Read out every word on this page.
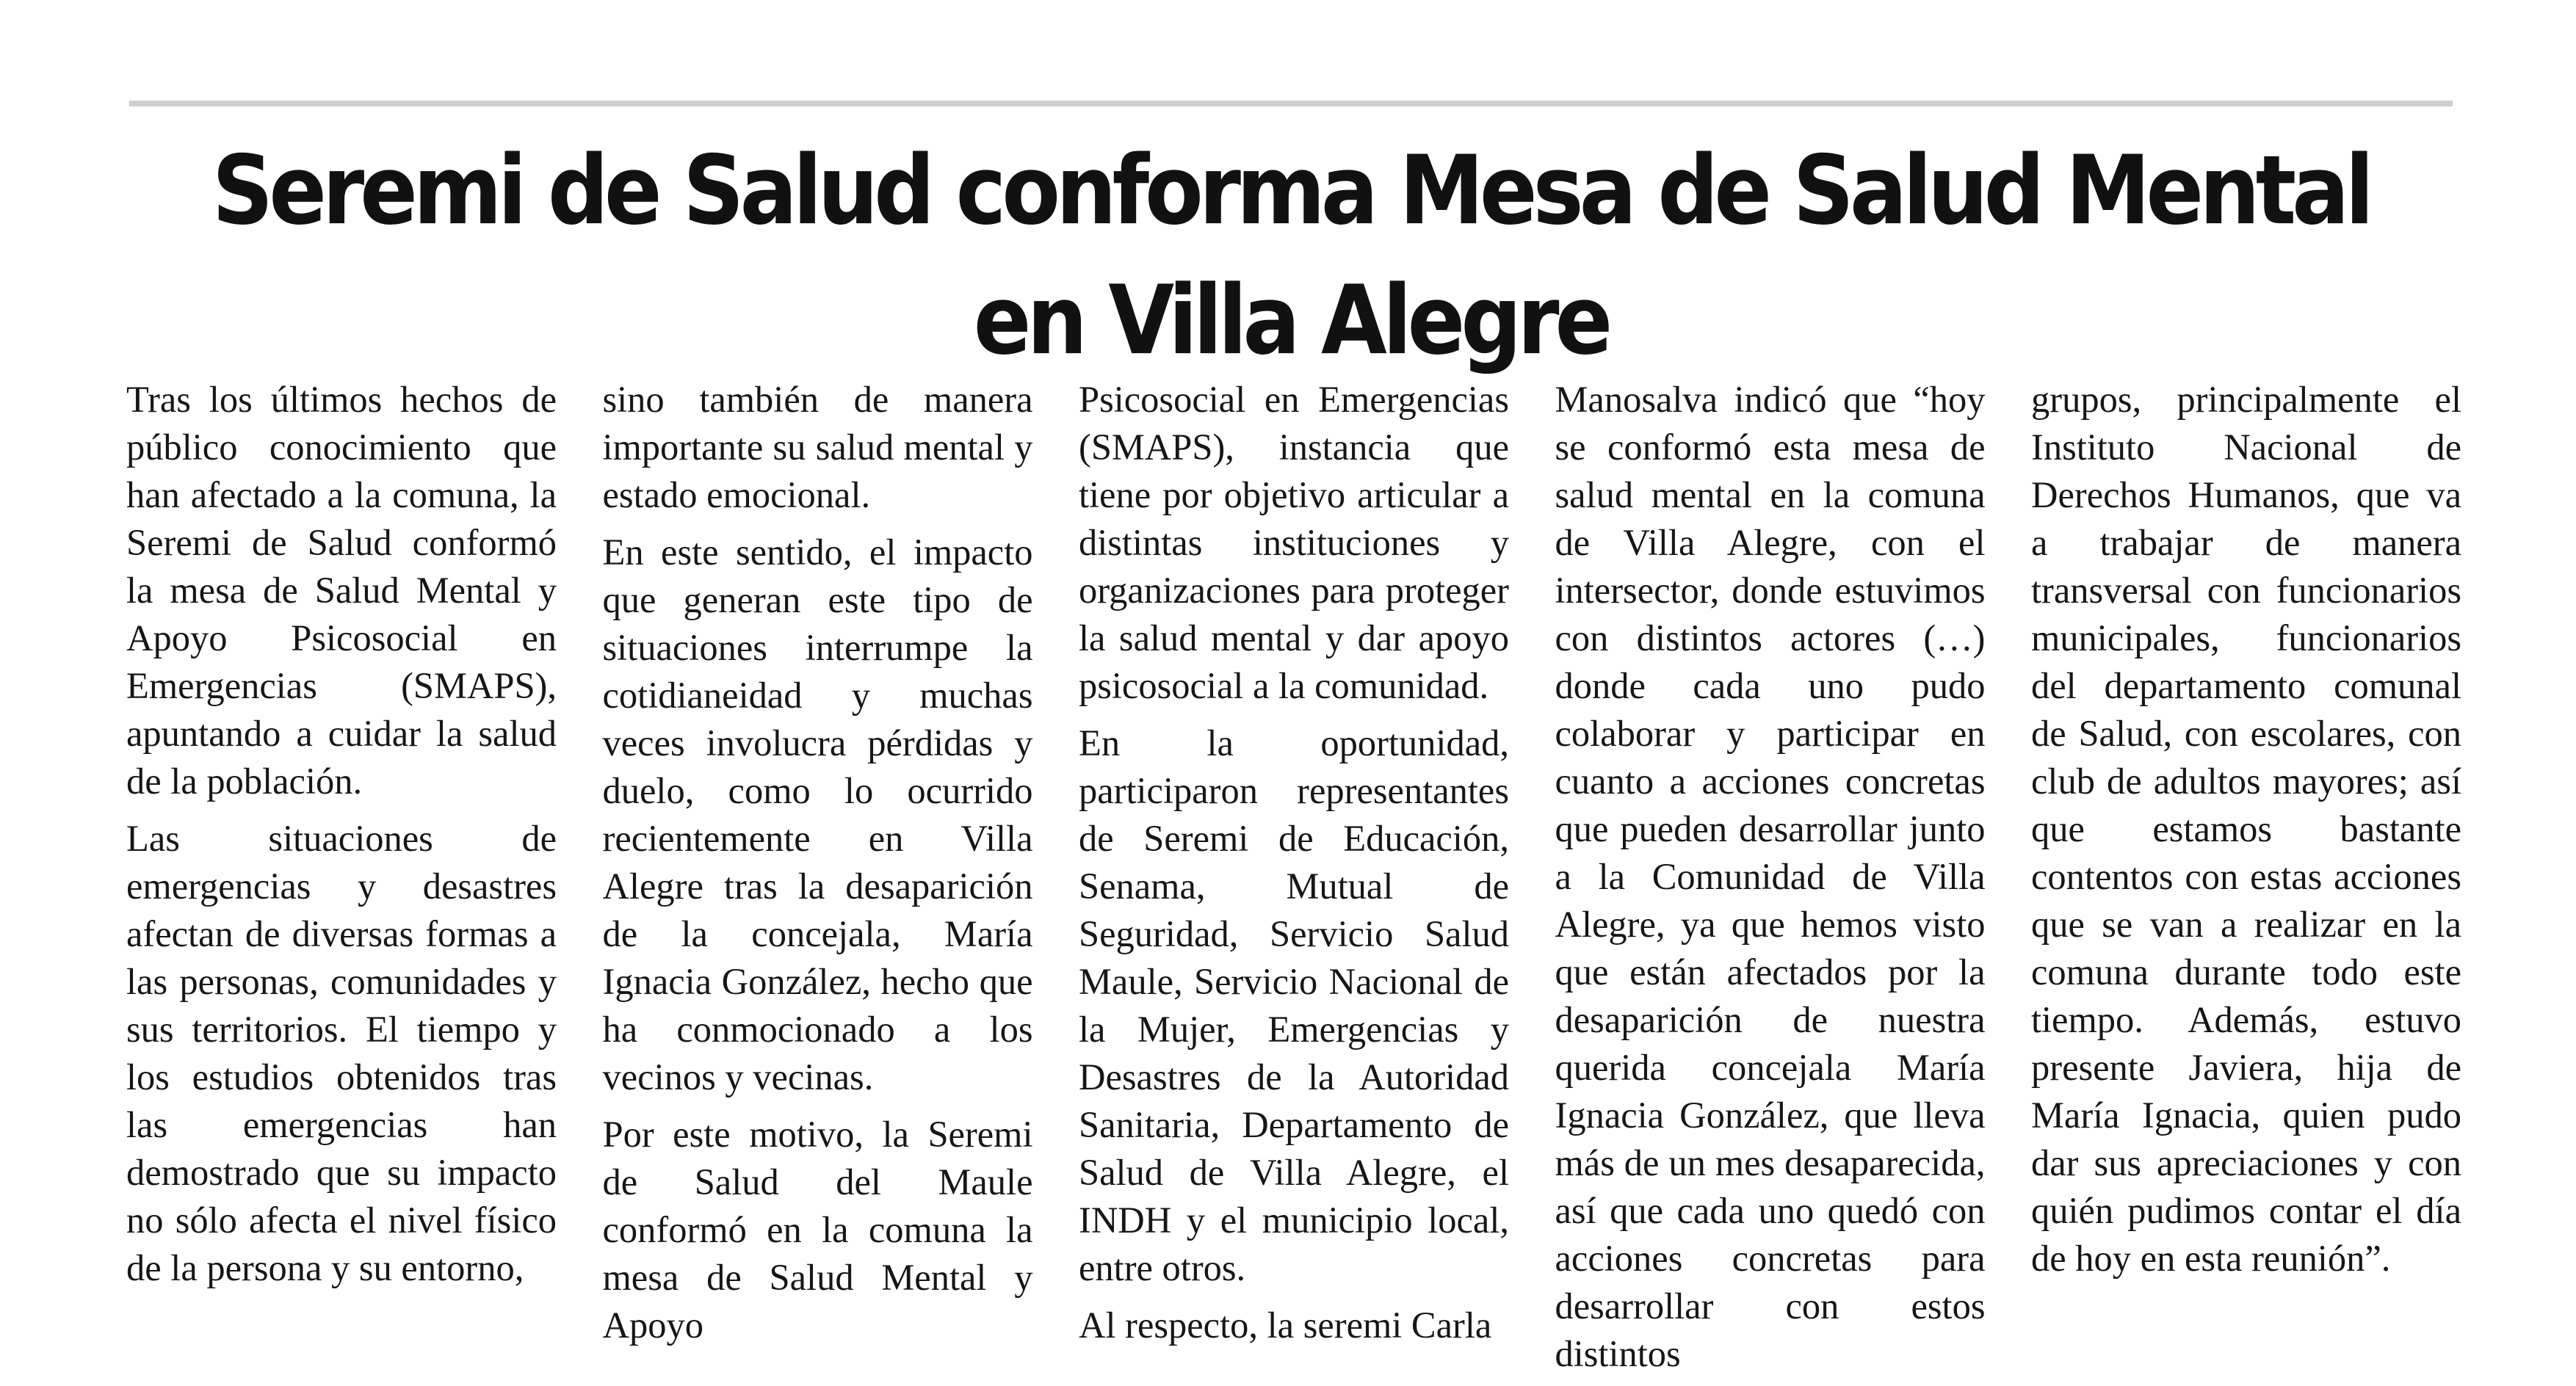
Seremi de Salud conforma Mesa de Salud Mental
en Villa Alegre

Tras los últimos hechos de público conocimiento que han afectado a la comuna, la Seremi de Salud conformó la mesa de Salud Mental y Apoyo Psicosocial en Emergencias (SMAPS), apuntando a cuidar la salud de la población.

Las situaciones de emergencias y desastres afectan de diversas formas a las personas, comunidades y sus territorios. El tiempo y los estudios obtenidos tras las emergencias han demostrado que su impacto no sólo afecta el nivel físico de la persona y su entorno,

sino también de manera importante su salud mental y estado emocional.

En este sentido, el impacto que generan este tipo de situaciones interrumpe la cotidianeidad y muchas veces involucra pérdidas y duelo, como lo ocurrido recientemente en Villa Alegre tras la desaparición de la concejala, María Ignacia González, hecho que ha conmocionado a los vecinos y vecinas.

Por este motivo, la Seremi de Salud del Maule conformó en la comuna la mesa de Salud Mental y Apoyo

Psicosocial en Emergencias (SMAPS), instancia que tiene por objetivo articular a distintas instituciones y organizaciones para proteger la salud mental y dar apoyo psicosocial a la comunidad.

En la oportunidad, participaron representantes de Seremi de Educación, Senama, Mutual de Seguridad, Servicio Salud Maule, Servicio Nacional de la Mujer, Emergencias y Desastres de la Autoridad Sanitaria, Departamento de Salud de Villa Alegre, el INDH y el municipio local, entre otros.

Al respecto, la seremi Carla

Manosalva indicó que “hoy se conformó esta mesa de salud mental en la comuna de Villa Alegre, con el intersector, donde estuvimos con distintos actores (…) donde cada uno pudo colaborar y participar en cuanto a acciones concretas que pueden desarrollar junto a la Comunidad de Villa Alegre, ya que hemos visto que están afectados por la desaparición de nuestra querida concejala María Ignacia González, que lleva más de un mes desaparecida, así que cada uno quedó con acciones concretas para desarrollar con estos distintos

grupos, principalmente el Instituto Nacional de Derechos Humanos, que va a trabajar de manera transversal con funcionarios municipales, funcionarios del departamento comunal de Salud, con escolares, con club de adultos mayores; así que estamos bastante contentos con estas acciones que se van a realizar en la comuna durante todo este tiempo. Además, estuvo presente Javiera, hija de María Ignacia, quien pudo dar sus apreciaciones y con quién pudimos contar el día de hoy en esta reunión”.
